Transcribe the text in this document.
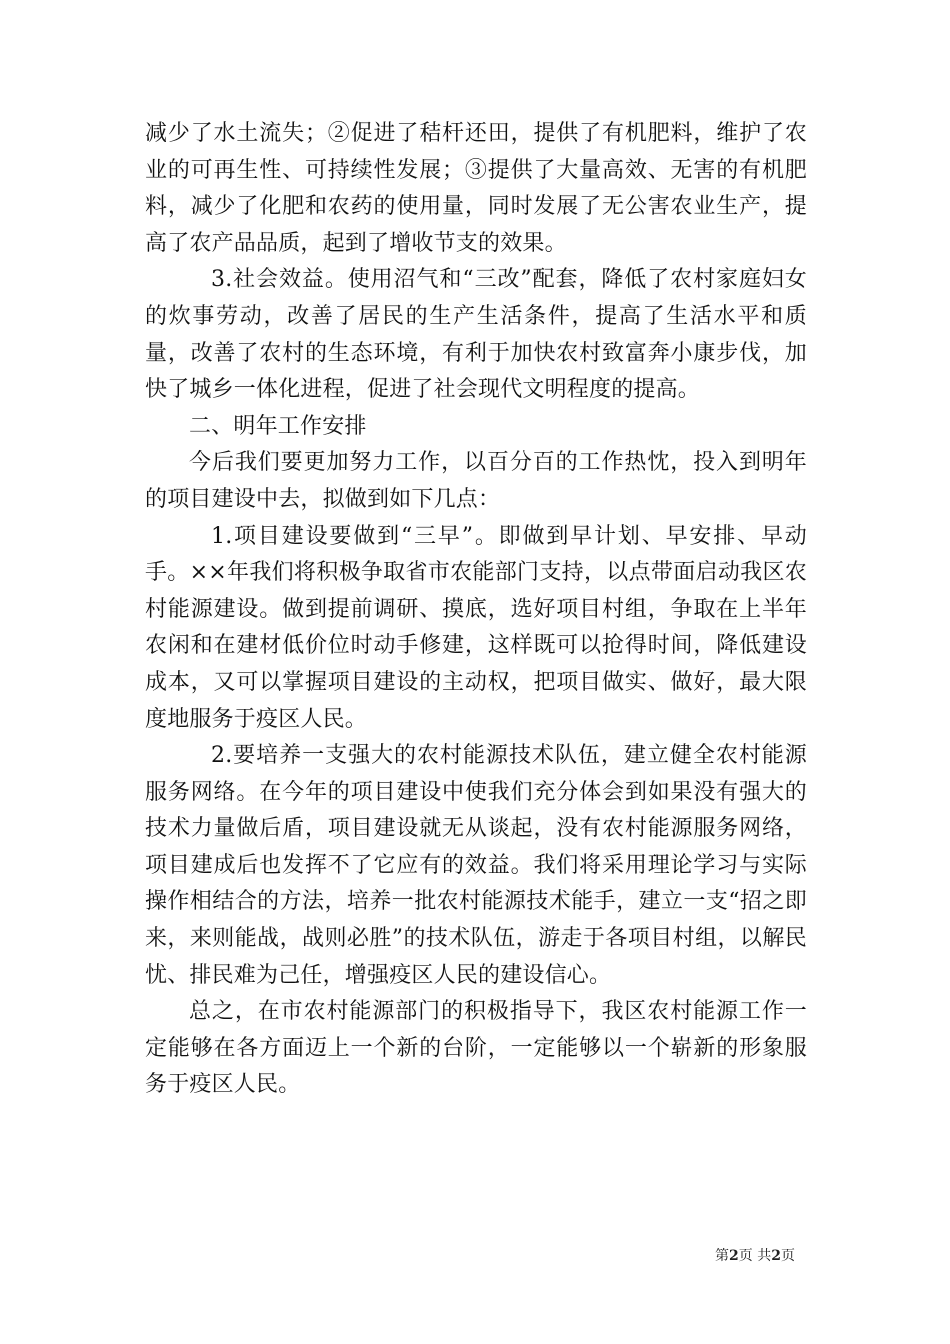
减少了水土流失；②促进了秸杆还田，提供了有机肥料，维护了农业的可再生性、可持续性发展；③提供了大量高效、无害的有机肥料，减少了化肥和农药的使用量，同时发展了无公害农业生产，提高了农产品品质，起到了增收节支的效果。

3.社会效益。使用沼气和“三改”配套，降低了农村家庭妇女的炊事劳动，改善了居民的生产生活条件，提高了生活水平和质量，改善了农村的生态环境，有利于加快农村致富奔小康步伐，加快了城乡一体化进程，促进了社会现代文明程度的提高。

二、明年工作安排

今后我们要更加努力工作，以百分百的工作热忱，投入到明年的项目建设中去，拟做到如下几点：

1.项目建设要做到“三早”。即做到早计划、早安排、早动手。××年我们将积极争取省市农能部门支持，以点带面启动我区农村能源建设。做到提前调研、摸底，选好项目村组，争取在上半年农闲和在建材低价位时动手修建，这样既可以抢得时间，降低建设成本，又可以掌握项目建设的主动权，把项目做实、做好，最大限度地服务于疫区人民。

2.要培养一支强大的农村能源技术队伍，建立健全农村能源服务网络。在今年的项目建设中使我们充分体会到如果没有强大的技术力量做后盾，项目建设就无从谈起，没有农村能源服务网络，项目建成后也发挥不了它应有的效益。我们将采用理论学习与实际操作相结合的方法，培养一批农村能源技术能手，建立一支“招之即来，来则能战，战则必胜”的技术队伍，游走于各项目村组，以解民忧、排民难为己任，增强疫区人民的建设信心。

总之，在市农村能源部门的积极指导下，我区农村能源工作一定能够在各方面迈上一个新的台阶，一定能够以一个崭新的形象服务于疫区人民。

第2页 共2页
